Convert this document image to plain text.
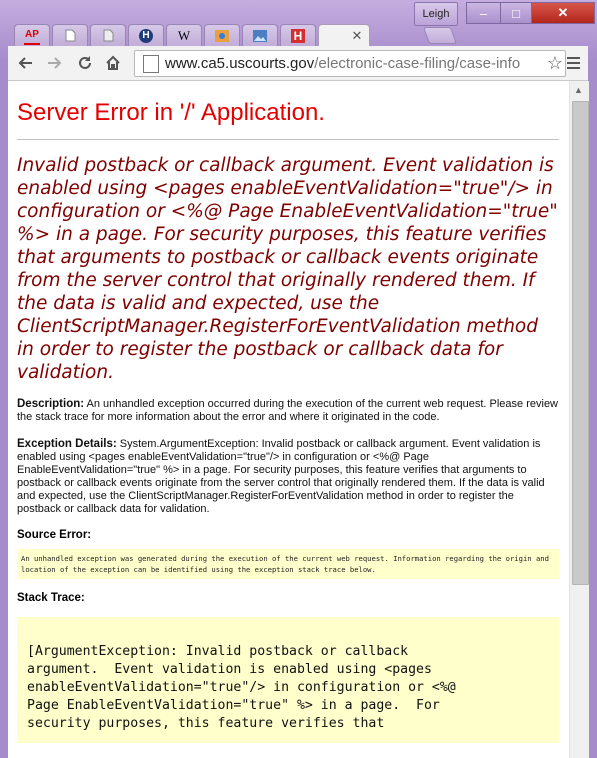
Leigh	–	□	✕
AP	H W	H	✕
www.ca5.uscourts.gov/electronic-case-filing/case-info ☆
Server Error in '/' Application.
Invalid postback or callback argument. Event validation is enabled using <pages enableEventValidation="true"/> in configuration or <%@ Page EnableEventValidation="true" %> in a page. For security purposes, this feature verifies that arguments to postback or callback events originate from the server control that originally rendered them. If the data is valid and expected, use the ClientScriptManager.RegisterForEventValidation method in order to register the postback or callback data for validation.
Description: An unhandled exception occurred during the execution of the current web request. Please review the stack trace for more information about the error and where it originated in the code.
Exception Details: System.ArgumentException: Invalid postback or callback argument. Event validation is enabled using <pages enableEventValidation="true"/> in configuration or <%@ Page EnableEventValidation="true" %> in a page. For security purposes, this feature verifies that arguments to postback or callback events originate from the server control that originally rendered them. If the data is valid and expected, use the ClientScriptManager.RegisterForEventValidation method in order to register the postback or callback data for validation.
Source Error:
An unhandled exception was generated during the execution of the current web request. Information regarding the origin and location of the exception can be identified using the exception stack trace below.
Stack Trace:
[ArgumentException: Invalid postback or callback
argument.  Event validation is enabled using <pages
enableEventValidation="true"/> in configuration or <%@
Page EnableEventValidation="true" %> in a page.  For
security purposes, this feature verifies that
▲
